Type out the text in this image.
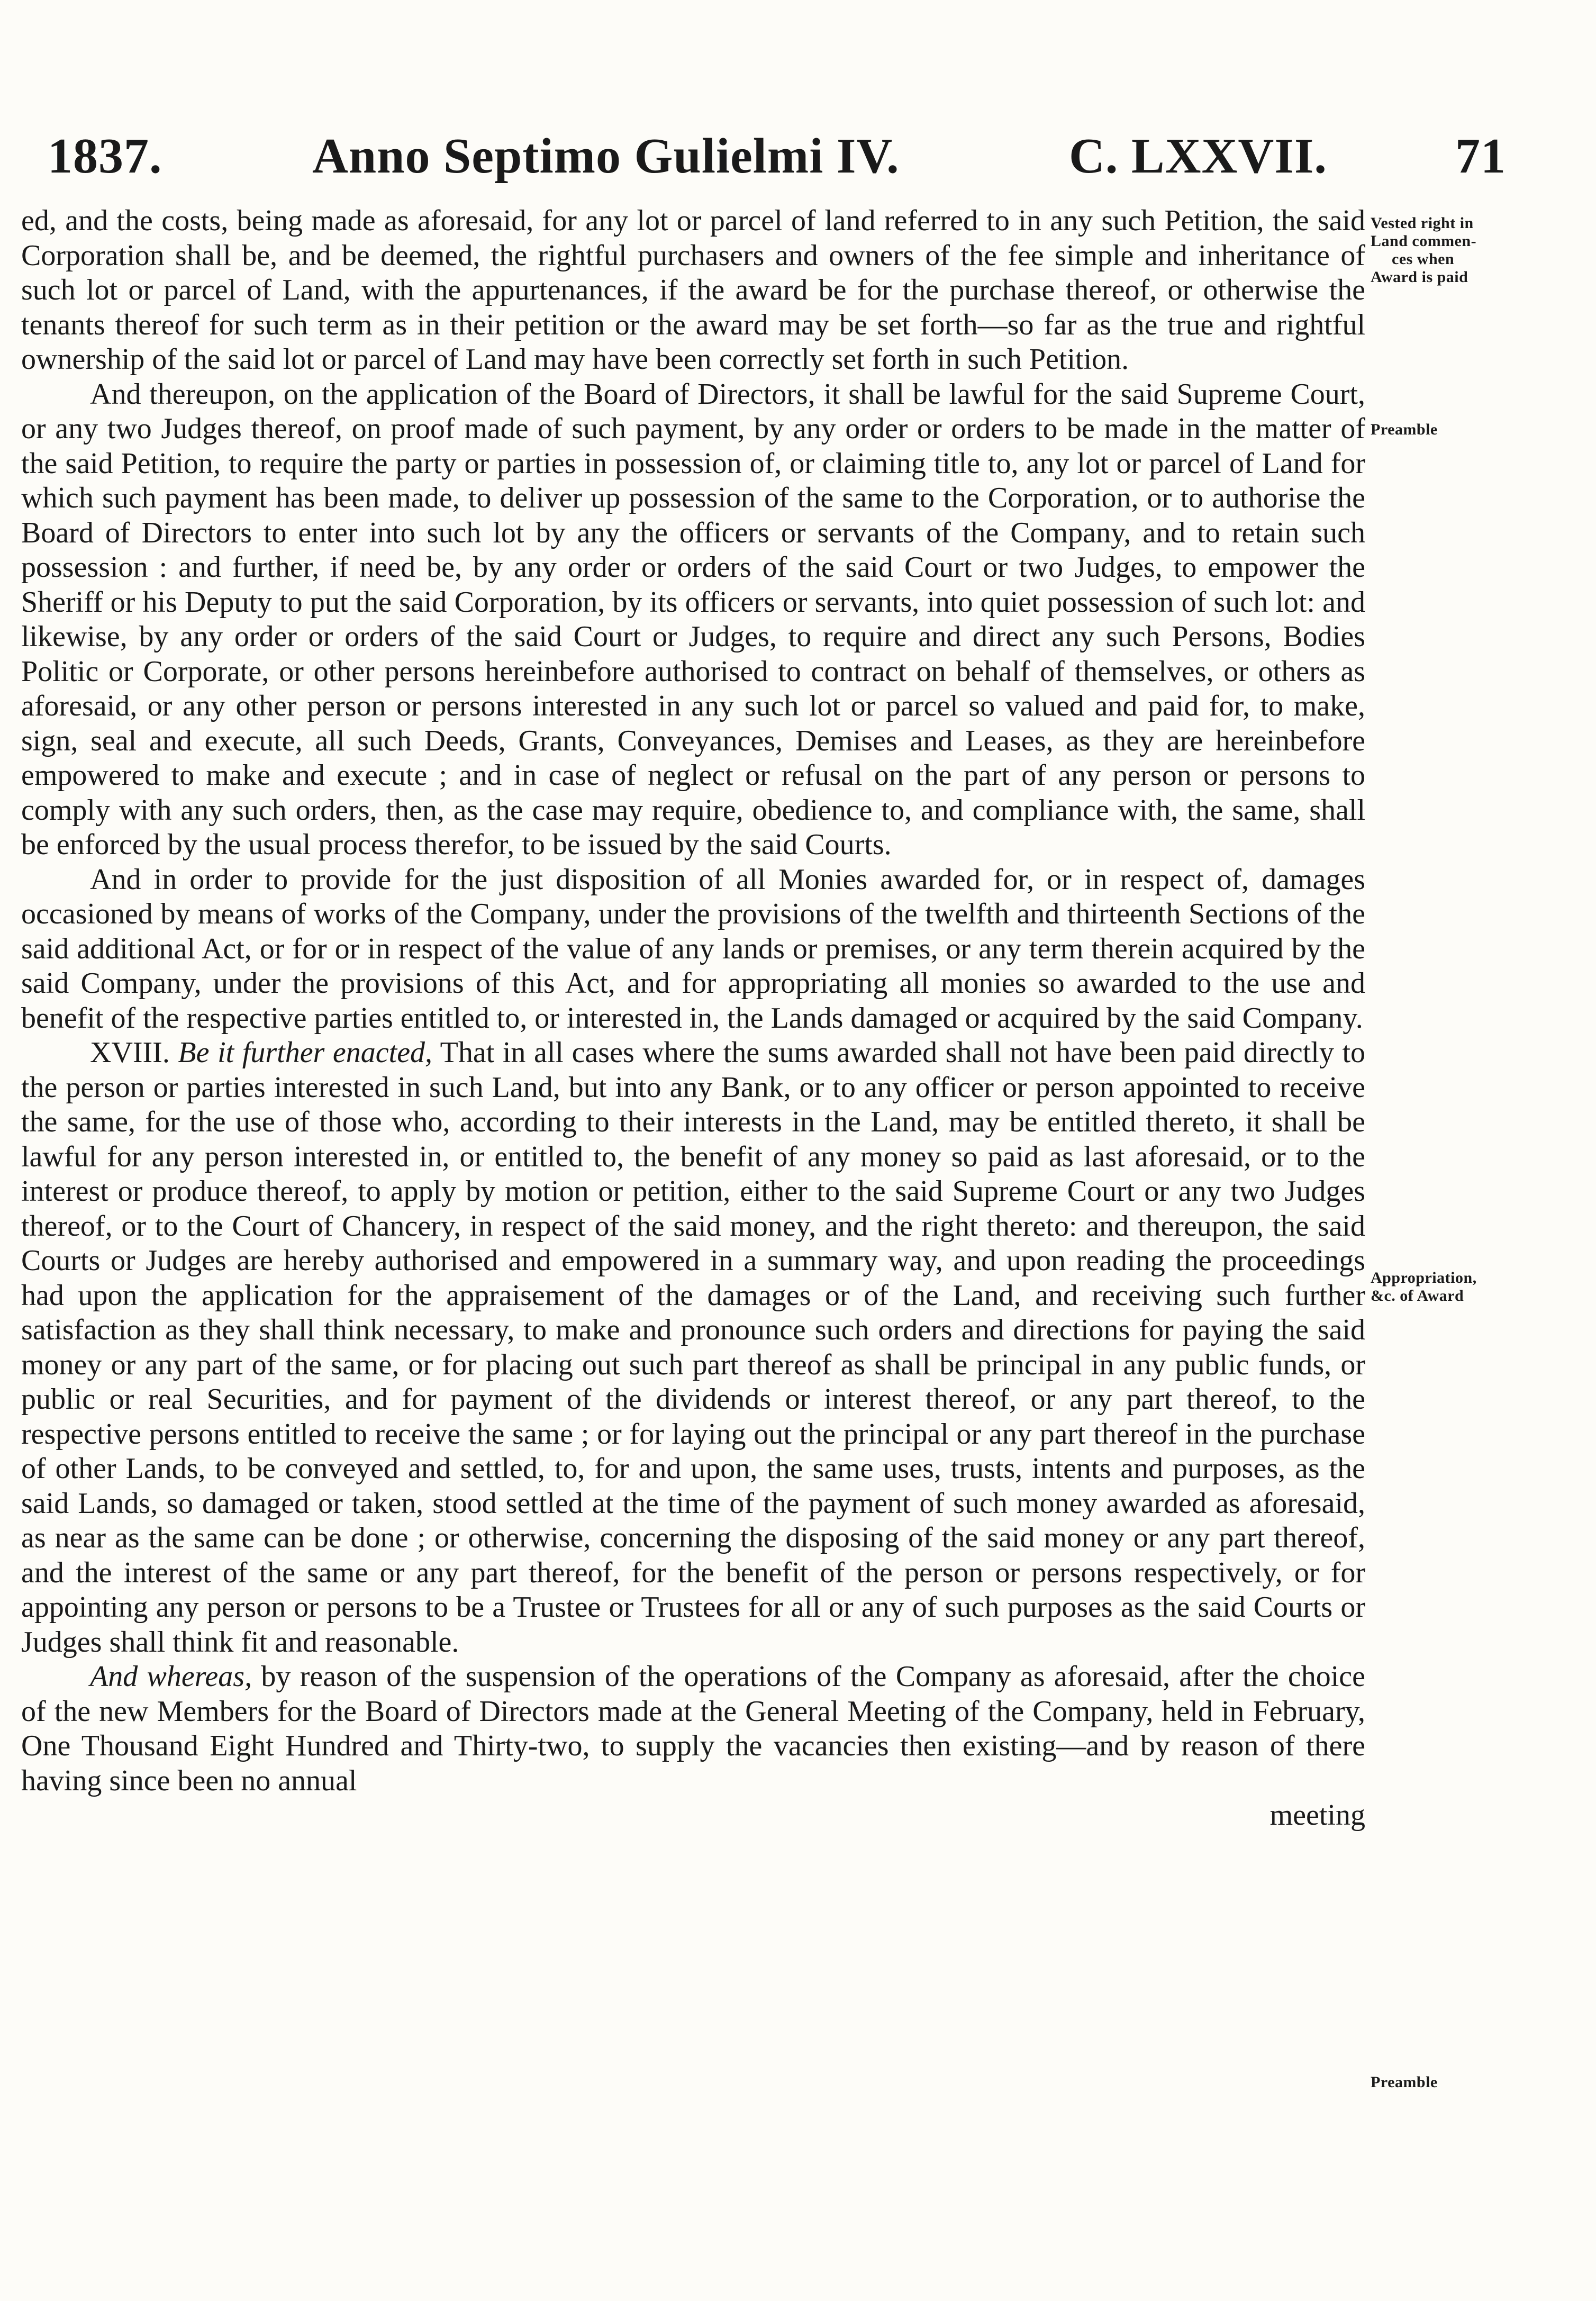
1837.	Anno Septimo Gulielmi IV.	C. LXXVII.	71

ed, and the costs, being made as aforesaid, for any lot or parcel of land referred to in any such Petition, the said Corporation shall be, and be deemed, the rightful purchasers and owners of the fee simple and inheritance of such lot or parcel of Land, with the appurtenances, if the award be for the purchase thereof, or otherwise the tenants thereof for such term as in their petition or the award may be set forth—so far as the true and rightful ownership of the said lot or parcel of Land may have been correctly set forth in such Petition.

And thereupon, on the application of the Board of Directors, it shall be lawful for the said Supreme Court, or any two Judges thereof, on proof made of such payment, by any order or orders to be made in the matter of the said Petition, to require the party or parties in possession of, or claiming title to, any lot or parcel of Land for which such payment has been made, to deliver up possession of the same to the Corporation, or to authorise the Board of Directors to enter into such lot by any the officers or servants of the Company, and to retain such possession : and further, if need be, by any order or orders of the said Court or two Judges, to empower the Sheriff or his Deputy to put the said Corporation, by its officers or servants, into quiet possession of such lot: and likewise, by any order or orders of the said Court or Judges, to require and direct any such Persons, Bodies Politic or Corporate, or other persons hereinbefore authorised to contract on behalf of themselves, or others as aforesaid, or any other person or persons interested in any such lot or parcel so valued and paid for, to make, sign, seal and execute, all such Deeds, Grants, Conveyances, Demises and Leases, as they are hereinbefore empowered to make and execute ; and in case of neglect or refusal on the part of any person or persons to comply with any such orders, then, as the case may require, obedience to, and compliance with, the same, shall be enforced by the usual process therefor, to be issued by the said Courts.

And in order to provide for the just disposition of all Monies awarded for, or in respect of, damages occasioned by means of works of the Company, under the provisions of the twelfth and thirteenth Sections of the said additional Act, or for or in respect of the value of any lands or premises, or any term therein acquired by the said Company, under the provisions of this Act, and for appropriating all monies so awarded to the use and benefit of the respective parties entitled to, or interested in, the Lands damaged or acquired by the said Company.

XVIII. Be it further enacted, That in all cases where the sums awarded shall not have been paid directly to the person or parties interested in such Land, but into any Bank, or to any officer or person appointed to receive the same, for the use of those who, according to their interests in the Land, may be entitled thereto, it shall be lawful for any person interested in, or entitled to, the benefit of any money so paid as last aforesaid, or to the interest or produce thereof, to apply by motion or petition, either to the said Supreme Court or any two Judges thereof, or to the Court of Chancery, in respect of the said money, and the right thereto: and thereupon, the said Courts or Judges are hereby authorised and empowered in a summary way, and upon reading the proceedings had upon the application for the appraisement of the damages or of the Land, and receiving such further satisfaction as they shall think necessary, to make and pronounce such orders and directions for paying the said money or any part of the same, or for placing out such part thereof as shall be principal in any public funds, or public or real Securities, and for payment of the dividends or interest thereof, or any part thereof, to the respective persons entitled to receive the same ; or for laying out the principal or any part thereof in the purchase of other Lands, to be conveyed and settled, to, for and upon, the same uses, trusts, intents and purposes, as the said Lands, so damaged or taken, stood settled at the time of the payment of such money awarded as aforesaid, as near as the same can be done ; or otherwise, concerning the disposing of the said money or any part thereof, and the interest of the same or any part thereof, for the benefit of the person or persons respectively, or for appointing any person or persons to be a Trustee or Trustees for all or any of such purposes as the said Courts or Judges shall think fit and reasonable.

And whereas, by reason of the suspension of the operations of the Company as aforesaid, after the choice of the new Members for the Board of Directors made at the General Meeting of the Company, held in February, One Thousand Eight Hundred and Thirty-two, to supply the vacancies then existing—and by reason of there having since been no annual

meeting
Vested right in
Land commen-
ces when
Award is paid
Preamble
Appropriation,
&c. of Award
Preamble
